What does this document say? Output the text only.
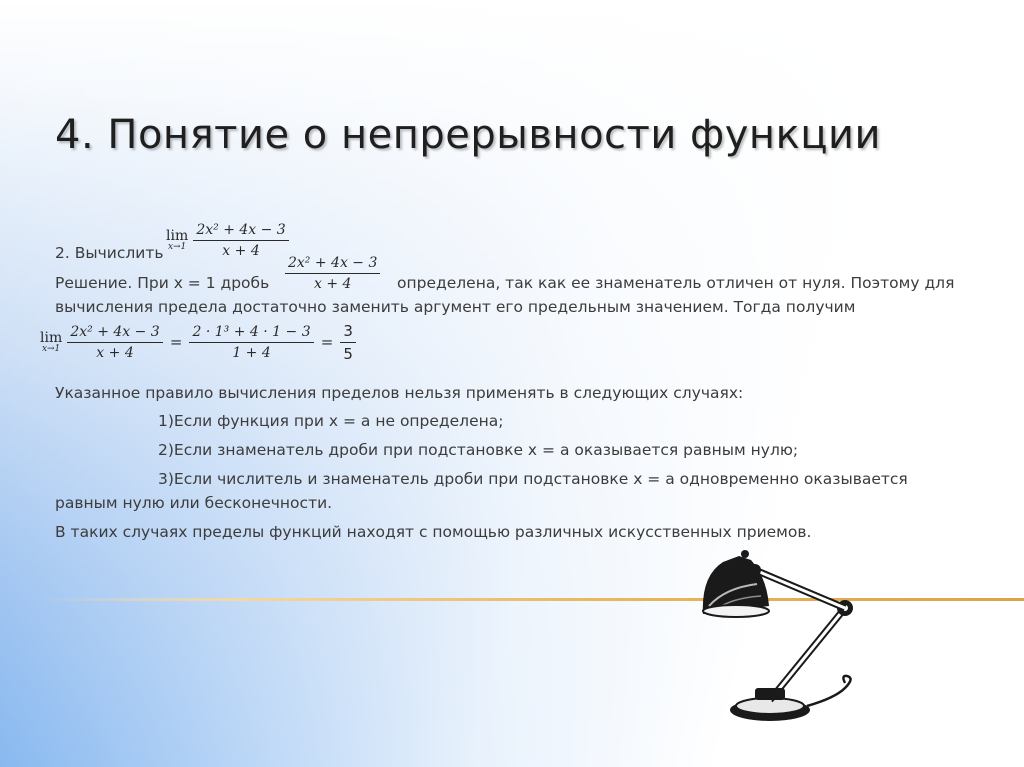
4. Понятие о непрерывности функции
2. Вычислить
lim
x→1
$\frac{\text{2x² + 4x − 3}}{x + 4}$
Решение. При х = 1 дробь $\frac{\text{2x² + 4x − 3}}{x + 4}$ определена, так как ее знаменатель отличен от нуля. Поэтому для
вычисления предела достаточно заменить аргумент его предельным значением. Тогда получим
lim
x→1
$\frac{\text{2x² + 4x − 3}}{x + 4} = \frac{\text{2 · 1³ + 4 · 1 − 3}}{1 + 4} = \frac{3}{5}$
Указанное правило вычисления пределов нельзя применять в следующих случаях:
1)Если функция при х = а не определена;
2)Если знаменатель дроби при подстановке х = а оказывается равным нулю;
3)Если числитель и знаменатель дроби при подстановке х = а одновременно оказывается
равным нулю или бесконечности.
В таких случаях пределы функций находят с помощью различных искусственных приемов.
